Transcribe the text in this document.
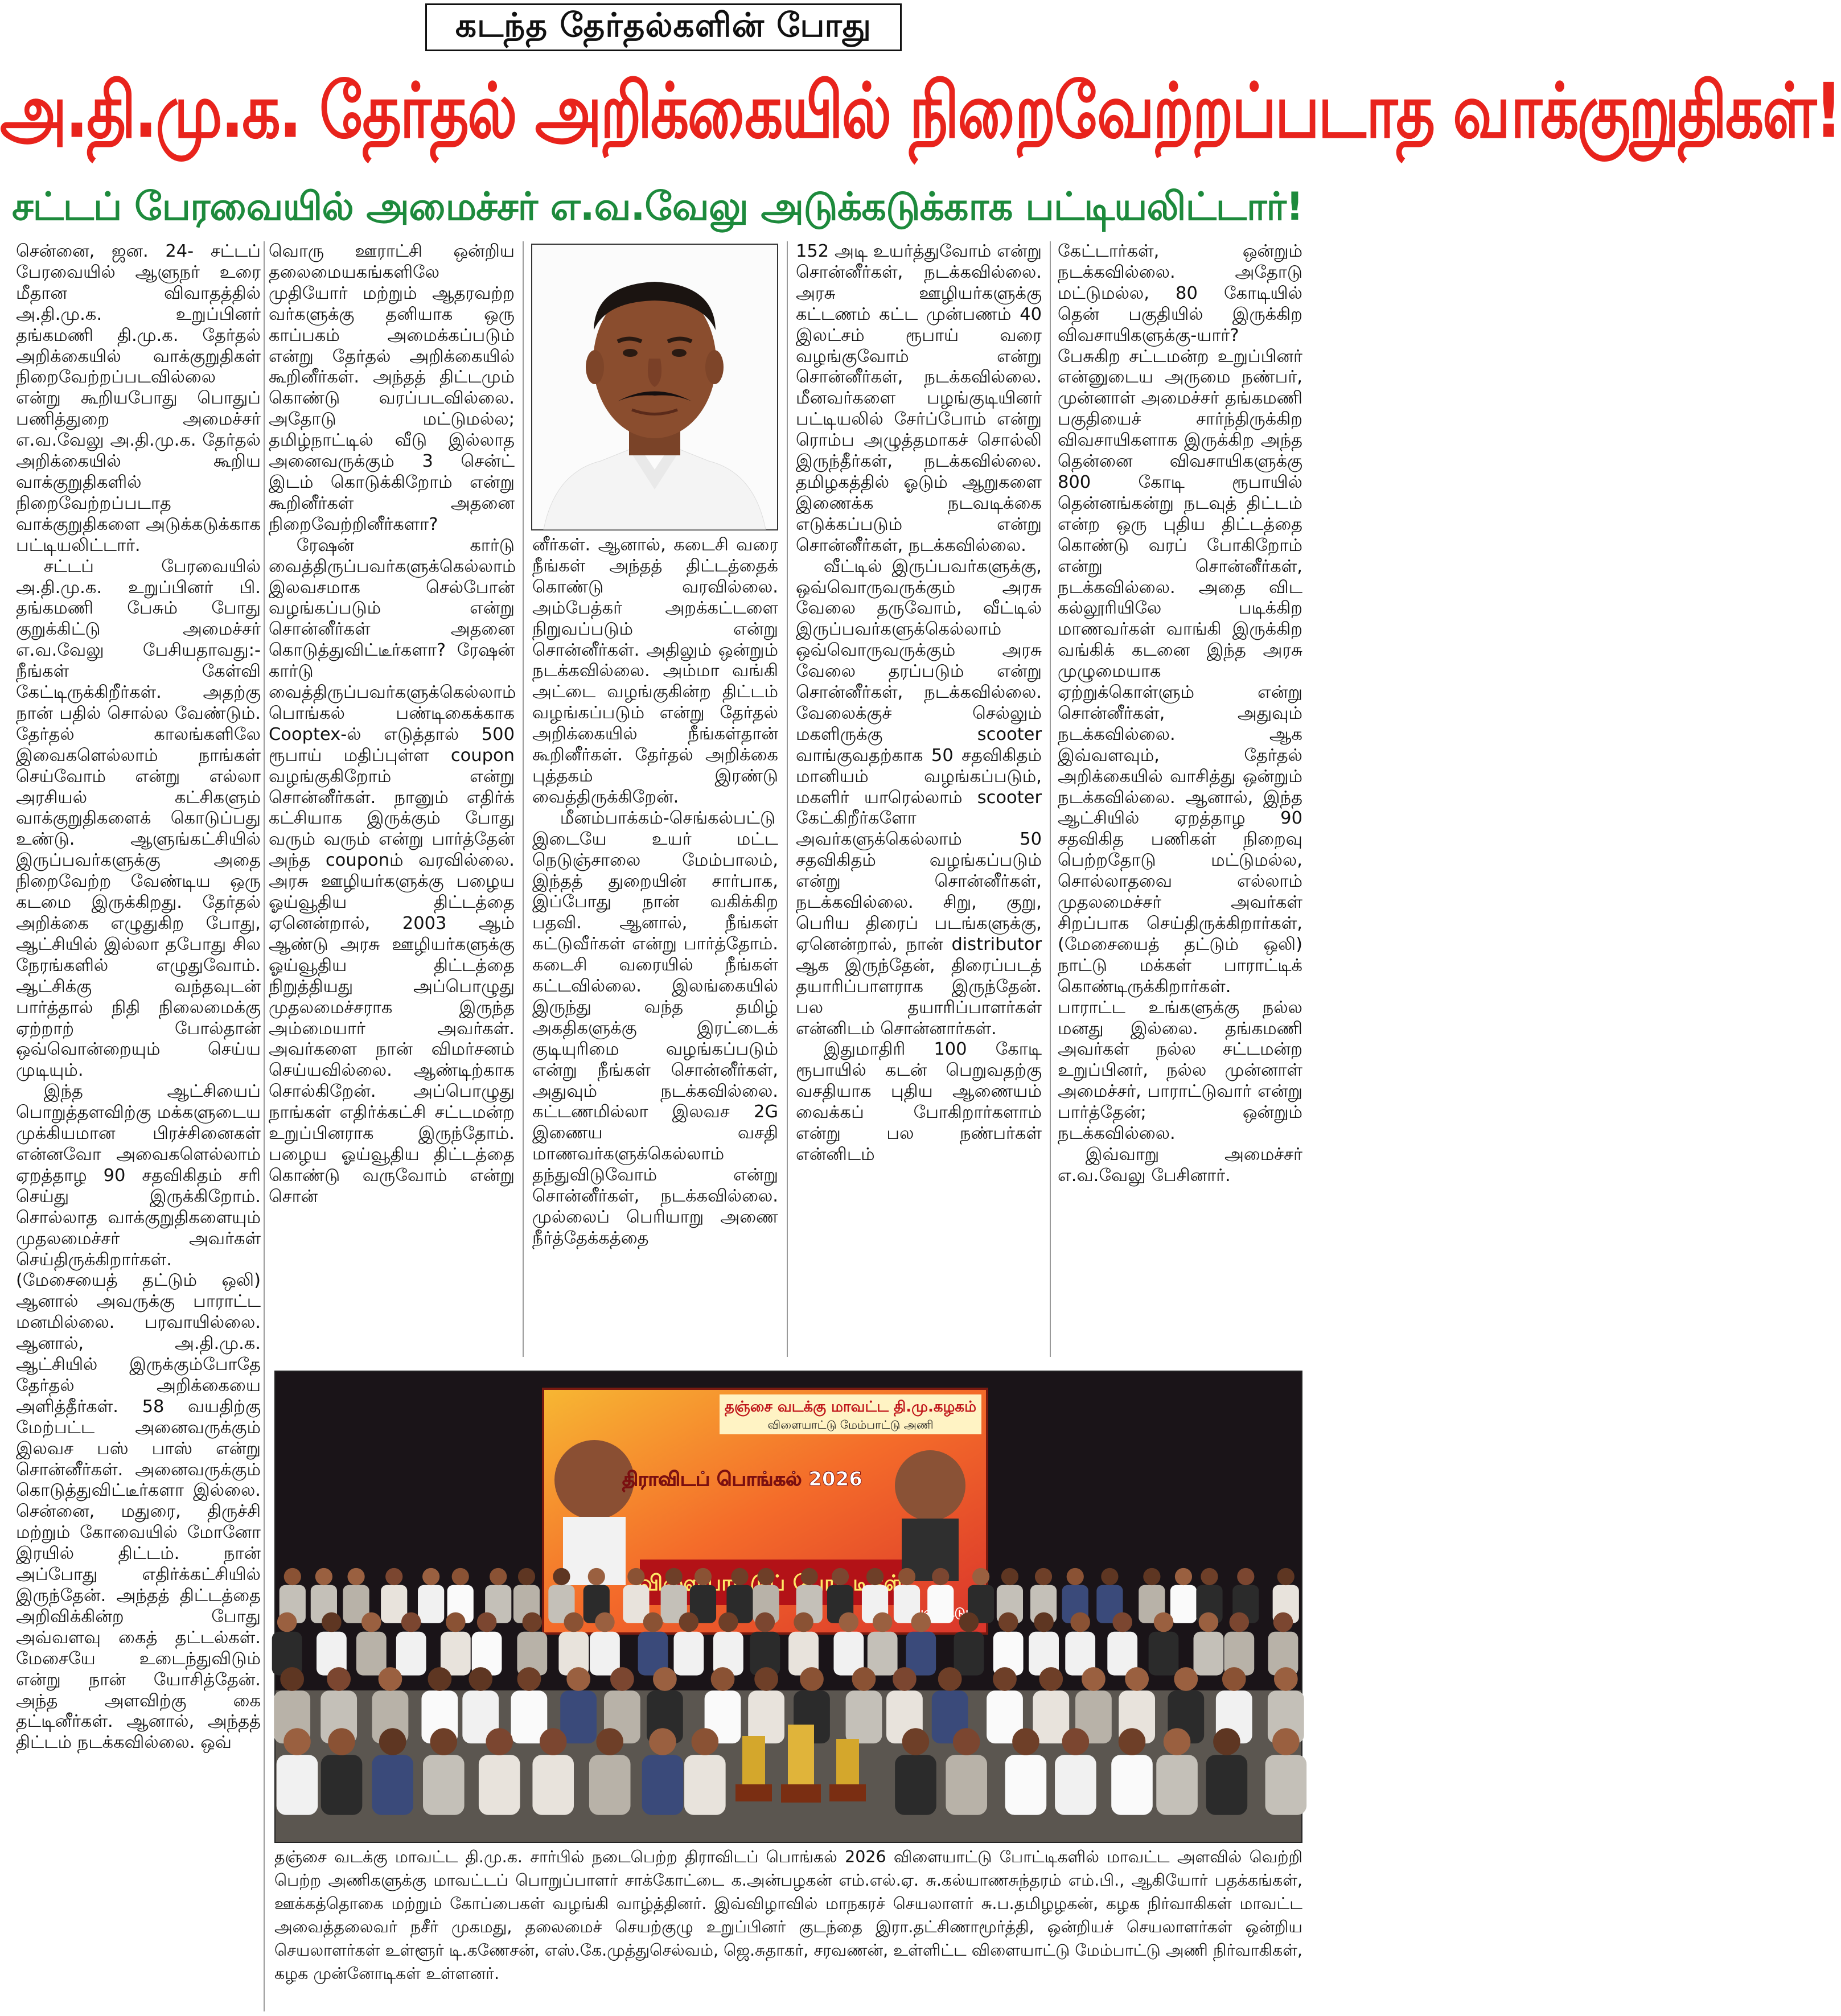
கடந்த தேர்தல்களின் போது
அ.தி.மு.க. தேர்தல் அறிக்கையில் நிறைவேற்றப்படாத வாக்குறுதிகள்!
சட்டப் பேரவையில் அமைச்சர் எ.வ.வேலு அடுக்கடுக்காக பட்டியலிட்டார்!

சென்னை, ஜன. 24- சட்டப் பேரவையில் ஆளுநர் உரை மீதான விவாதத்தில் அ.தி.மு.க. உறுப்பினர் தங்கமணி தி.மு.க. தேர்தல் அறிக்கையில் வாக்குறுதிகள் நிறைவேற்றப்படவில்லை என்று கூறியபோது பொதுப் பணித்துறை அமைச்சர் எ.வ.வேலு அ.தி.மு.க. தேர்தல் அறிக்கையில் கூறிய வாக்குறுதிகளில் நிறைவேற்றப்படாத வாக்குறுதிகளை அடுக்கடுக்காக பட்டியலிட்டார்.

சட்டப் பேரவையில் அ.தி.மு.க. உறுப்பினர் பி. தங்கமணி பேசும் போது குறுக்கிட்டு அமைச்சர் எ.வ.வேலு பேசியதாவது:- நீங்கள் கேள்வி கேட்டிருக்கிறீர்கள். அதற்கு நான் பதில் சொல்ல வேண்டும். தேர்தல் காலங்களிலே இவைகளெல்லாம் நாங்கள் செய்வோம் என்று எல்லா அரசியல் கட்சிகளும் வாக்குறுதிகளைக் கொடுப்பது உண்டு. ஆளுங்கட்சியில் இருப்பவர்களுக்கு அதை நிறைவேற்ற வேண்டிய ஒரு கடமை இருக்கிறது. தேர்தல் அறிக்கை எழுதுகிற போது, ஆட்சியில் இல்லா தபோது சில நேரங்களில் எழுதுவோம். ஆட்சிக்கு வந்தவுடன் பார்த்தால் நிதி நிலைமைக்கு ஏற்றாற் போல்தான் ஒவ்வொன்றையும் செய்ய முடியும்.

இந்த ஆட்சியைப் பொறுத்தளவிற்கு மக்களுடைய முக்கியமான பிரச்சினைகள் என்னவோ அவைகளெல்லாம் ஏறத்தாழ 90 சதவிகிதம் சரி செய்து இருக்கிறோம். சொல்லாத வாக்குறுதிகளையும் முதலமைச்சர் அவர்கள் செய்திருக்கிறார்கள். (மேசையைத் தட்டும் ஒலி) ஆனால் அவருக்கு பாராட்ட மனமில்லை. பரவாயில்லை. ஆனால், அ.தி.மு.க. ஆட்சியில் இருக்கும்போதே தேர்தல் அறிக்கையை அளித்தீர்கள். 58 வயதிற்கு மேற்பட்ட அனைவருக்கும் இலவச பஸ் பாஸ் என்று சொன்னீர்கள். அனைவருக்கும் கொடுத்துவிட்டீர்களா இல்லை. சென்னை, மதுரை, திருச்சி மற்றும் கோவையில் மோனோ இரயில் திட்டம். நான் அப்போது எதிர்க்கட்சியில் இருந்தேன். அந்தத் திட்டத்தை அறிவிக்கின்ற போது அவ்வளவு கைத் தட்டல்கள். மேசையே உடைந்துவிடும் என்று நான் யோசித்தேன். அந்த அளவிற்கு கை தட்டினீர்கள். ஆனால், அந்தத் திட்டம் நடக்கவில்லை. ஒவ்

வொரு ஊராட்சி ஒன்றிய தலைமையகங்களிலே முதியோர் மற்றும் ஆதரவற்ற வர்களுக்கு தனியாக ஒரு காப்பகம் அமைக்கப்படும் என்று தேர்தல் அறிக்கையில் கூறினீர்கள். அந்தத் திட்டமும் கொண்டு வரப்படவில்லை. அதோடு மட்டுமல்ல; தமிழ்நாட்டில் வீடு இல்லாத அனைவருக்கும் 3 சென்ட் இடம் கொடுக்கிறோம் என்று கூறினீர்கள் அதனை நிறைவேற்றினீர்களா?

ரேஷன் கார்டு வைத்திருப்பவர்களுக்கெல்லாம் இலவசமாக செல்போன் வழங்கப்படும் என்று சொன்னீர்கள் அதனை கொடுத்துவிட்டீர்களா? ரேஷன் கார்டு வைத்திருப்பவர்களுக்கெல்லாம் பொங்கல் பண்டிகைக்காக Cooptex-ல் எடுத்தால் 500 ரூபாய் மதிப்புள்ள coupon வழங்குகிறோம் என்று சொன்னீர்கள். நானும் எதிர்க் கட்சியாக இருக்கும் போது வரும் வரும் என்று பார்த்தேன் அந்த couponம் வரவில்லை. அரசு ஊழியர்களுக்கு பழைய ஓய்வூதிய திட்டத்தை ஏனென்றால், 2003 ஆம் ஆண்டு அரசு ஊழியர்களுக்கு ஓய்வூதிய திட்டத்தை நிறுத்தியது அப்பொழுது முதலமைச்சராக இருந்த அம்மையார் அவர்கள். அவர்களை நான் விமர்சனம் செய்யவில்லை. ஆண்டிற்காக சொல்கிறேன். அப்பொழுது நாங்கள் எதிர்க்கட்சி சட்டமன்ற உறுப்பினராக இருந்தோம். பழைய ஓய்வூதிய திட்டத்தை கொண்டு வருவோம் என்று சொன்

னீர்கள். ஆனால், கடைசி வரை நீங்கள் அந்தத் திட்டத்தைக் கொண்டு வரவில்லை. அம்பேத்கர் அறக்கட்டளை நிறுவப்படும் என்று சொன்னீர்கள். அதிலும் ஒன்றும் நடக்கவில்லை. அம்மா வங்கி அட்டை வழங்குகின்ற திட்டம் வழங்கப்படும் என்று தேர்தல் அறிக்கையில் நீங்கள்தான் கூறினீர்கள். தேர்தல் அறிக்கை புத்தகம் இரண்டு வைத்திருக்கிறேன்.

மீனம்பாக்கம்-செங்கல்பட்டு இடையே உயர் மட்ட நெடுஞ்சாலை மேம்பாலம், இந்தத் துறையின் சார்பாக, இப்போது நான் வகிக்கிற பதவி. ஆனால், நீங்கள் கட்டுவீர்கள் என்று பார்த்தோம். கடைசி வரையில் நீங்கள் கட்டவில்லை. இலங்கையில் இருந்து வந்த தமிழ் அகதிகளுக்கு இரட்டைக் குடியுரிமை வழங்கப்படும் என்று நீங்கள் சொன்னீர்கள், அதுவும் நடக்கவில்லை. கட்டணமில்லா இலவச 2G இணைய வசதி மாணவர்களுக்கெல்லாம் தந்துவிடுவோம் என்று சொன்னீர்கள், நடக்கவில்லை. முல்லைப் பெரியாறு அணை நீர்த்தேக்கத்தை

152 அடி உயர்த்துவோம் என்று சொன்னீர்கள், நடக்கவில்லை. அரசு ஊழியர்களுக்கு கட்டணம் கட்ட முன்பணம் 40 இலட்சம் ரூபாய் வரை வழங்குவோம் என்று சொன்னீர்கள், நடக்கவில்லை. மீனவர்களை பழங்குடியினர் பட்டியலில் சேர்ப்போம் என்று ரொம்ப அழுத்தமாகச் சொல்லி இருந்தீர்கள், நடக்கவில்லை. தமிழகத்தில் ஓடும் ஆறுகளை இணைக்க நடவடிக்கை எடுக்கப்படும் என்று சொன்னீர்கள், நடக்கவில்லை.

வீட்டில் இருப்பவர்களுக்கு, ஒவ்வொருவருக்கும் அரசு வேலை தருவோம், வீட்டில் இருப்பவர்களுக்கெல்லாம் ஒவ்வொருவருக்கும் அரசு வேலை தரப்படும் என்று சொன்னீர்கள், நடக்கவில்லை. வேலைக்குச் செல்லும் மகளிருக்கு scooter வாங்குவதற்காக 50 சதவிகிதம் மானியம் வழங்கப்படும், மகளிர் யாரெல்லாம் scooter கேட்கிறீர்களோ அவர்களுக்கெல்லாம் 50 சதவிகிதம் வழங்கப்படும் என்று சொன்னீர்கள், நடக்கவில்லை. சிறு, குறு, பெரிய திரைப் படங்களுக்கு, ஏனென்றால், நான் distributor ஆக இருந்தேன், திரைப்படத் தயாரிப்பாளராக இருந்தேன். பல தயாரிப்பாளர்கள் என்னிடம் சொன்னார்கள்.

இதுமாதிரி 100 கோடி ரூபாயில் கடன் பெறுவதற்கு வசதியாக புதிய ஆணையம் வைக்கப் போகிறார்களாம் என்று பல நண்பர்கள் என்னிடம்

கேட்டார்கள், ஒன்றும் நடக்கவில்லை. அதோடு மட்டுமல்ல, 80 கோடியில் தென் பகுதியில் இருக்கிற விவசாயிகளுக்கு-யார்? பேசுகிற சட்டமன்ற உறுப்பினர் என்னுடைய அருமை நண்பர், முன்னாள் அமைச்சர் தங்கமணி பகுதியைச் சார்ந்திருக்கிற விவசாயிகளாக இருக்கிற அந்த தென்னை விவசாயிகளுக்கு 800 கோடி ரூபாயில் தென்னங்கன்று நடவுத் திட்டம் என்ற ஒரு புதிய திட்டத்தை கொண்டு வரப் போகிறோம் என்று சொன்னீர்கள், நடக்கவில்லை. அதை விட கல்லூரியிலே படிக்கிற மாணவர்கள் வாங்கி இருக்கிற வங்கிக் கடனை இந்த அரசு முழுமையாக ஏற்றுக்கொள்ளும் என்று சொன்னீர்கள், அதுவும் நடக்கவில்லை. ஆக இவ்வளவும், தேர்தல் அறிக்கையில் வாசித்து ஒன்றும் நடக்கவில்லை. ஆனால், இந்த ஆட்சியில் ஏறத்தாழ 90 சதவிகித பணிகள் நிறைவு பெற்றதோடு மட்டுமல்ல, சொல்லாதவை எல்லாம் முதலமைச்சர் அவர்கள் சிறப்பாக செய்திருக்கிறார்கள், (மேசையைத் தட்டும் ஒலி) நாட்டு மக்கள் பாராட்டிக் கொண்டிருக்கிறார்கள். பாராட்ட உங்களுக்கு நல்ல மனது இல்லை. தங்கமணி அவர்கள் நல்ல சட்டமன்ற உறுப்பினர், நல்ல முன்னாள் அமைச்சர், பாராட்டுவார் என்று பார்த்தேன்; ஒன்றும் நடக்கவில்லை.

இவ்வாறு அமைச்சர் எ.வ.வேலு பேசினார்.

தஞ்சை வடக்கு மாவட்ட தி.மு.கழகம்
விளையாட்டு மேம்பாட்டு அணி
திராவிடப் பொங்கல் 2026
விளையாட்டுப் போட்டிகள்
தஞ்சை வடக்கு மாவட்ட தி.மு.க. சார்பில் நடைபெற்ற திராவிடப் பொங்கல் 2026 விளையாட்டு போட்டிகளில் மாவட்ட அளவில் வெற்றி பெற்ற அணிகளுக்கு மாவட்டப் பொறுப்பாளர் சாக்கோட்டை க.அன்பழகன் எம்.எல்.ஏ. சு.கல்யாணசுந்தரம் எம்.பி., ஆகியோர் பதக்கங்கள், ஊக்கத்தொகை மற்றும் கோப்பைகள் வழங்கி வாழ்த்தினர். இவ்விழாவில் மாநகரச் செயலாளர் சு.ப.தமிழழகன், கழக நிர்வாகிகள் மாவட்ட அவைத்தலைவர் நசீர் முகமது, தலைமைச் செயற்குழு உறுப்பினர் குடந்தை இரா.தட்சிணாமூர்த்தி, ஒன்றியச் செயலாளர்கள் ஒன்றிய செயலாளர்கள் உள்ளூர் டி.கணேசன், எஸ்.கே.முத்துசெல்வம், ஜெ.சுதாகர், சரவணன், உள்ளிட்ட விளையாட்டு மேம்பாட்டு அணி நிர்வாகிகள், கழக முன்னோடிகள் உள்ளனர்.
